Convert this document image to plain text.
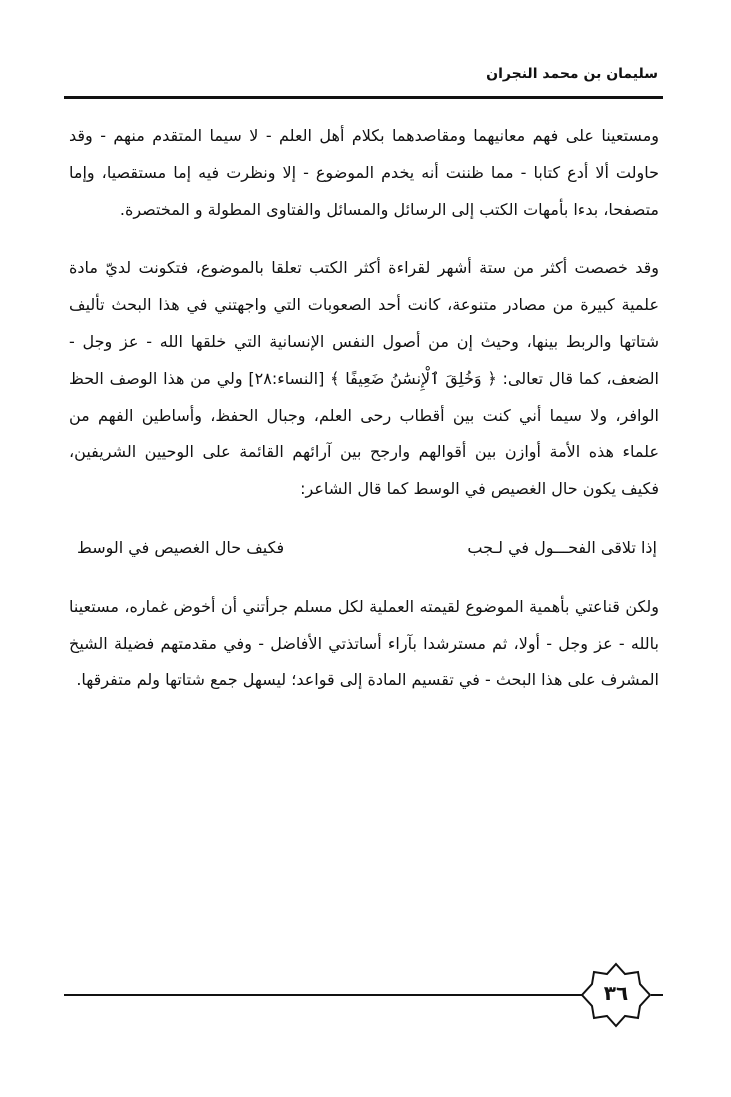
سليمان بن محمد النجران

ومستعينا على فهم معانيهما ومقاصدهما بكلام أهل العلم - لا سيما المتقدم منهم - وقد حاولت ألا أدع كتابا - مما ظننت أنه يخدم الموضوع - إلا ونظرت فيه إما مستقصيا، وإما متصفحا، بدءا بأمهات الكتب إلى الرسائل والمسائل والفتاوى المطولة و المختصرة.

وقد خصصت أكثر من ستة أشهر لقراءة أكثر الكتب تعلقا بالموضوع، فتكونت لديّ مادة علمية كبيرة من مصادر متنوعة، كانت أحد الصعوبات التي واجهتني في هذا البحث تأليف شتاتها والربط بينها، وحيث إن من أصول النفس الإنسانية التي خلقها الله - عز وجل - الضعف، كما قال تعالى: ﴿ وَخُلِقَ ٱلْإِنسَٰنُ ضَعِيفًا ﴾ [النساء:٢٨] ولي من هذا الوصف الحظ الوافر، ولا سيما أني كنت بين أقطاب رحى العلم، وجبال الحفظ، وأساطين الفهم من علماء هذه الأمة أوازن بين أقوالهم وارجح بين آرائهم القائمة على الوحيين الشريفين، فكيف يكون حال الغصيص في الوسط كما قال الشاعر:

إذا تلاقى الفحـــول في لـجب
فكيف حال الغصيص في الوسط

ولكن قناعتي بأهمية الموضوع لقيمته العملية لكل مسلم جرأتني أن أخوض غماره، مستعينا بالله - عز وجل - أولا، ثم مسترشدا بآراء أساتذتي الأفاضل - وفي مقدمتهم فضيلة الشيخ المشرف على هذا البحث - في تقسيم المادة إلى قواعد؛ ليسهل جمع شتاتها ولم متفرقها.

٣٦
